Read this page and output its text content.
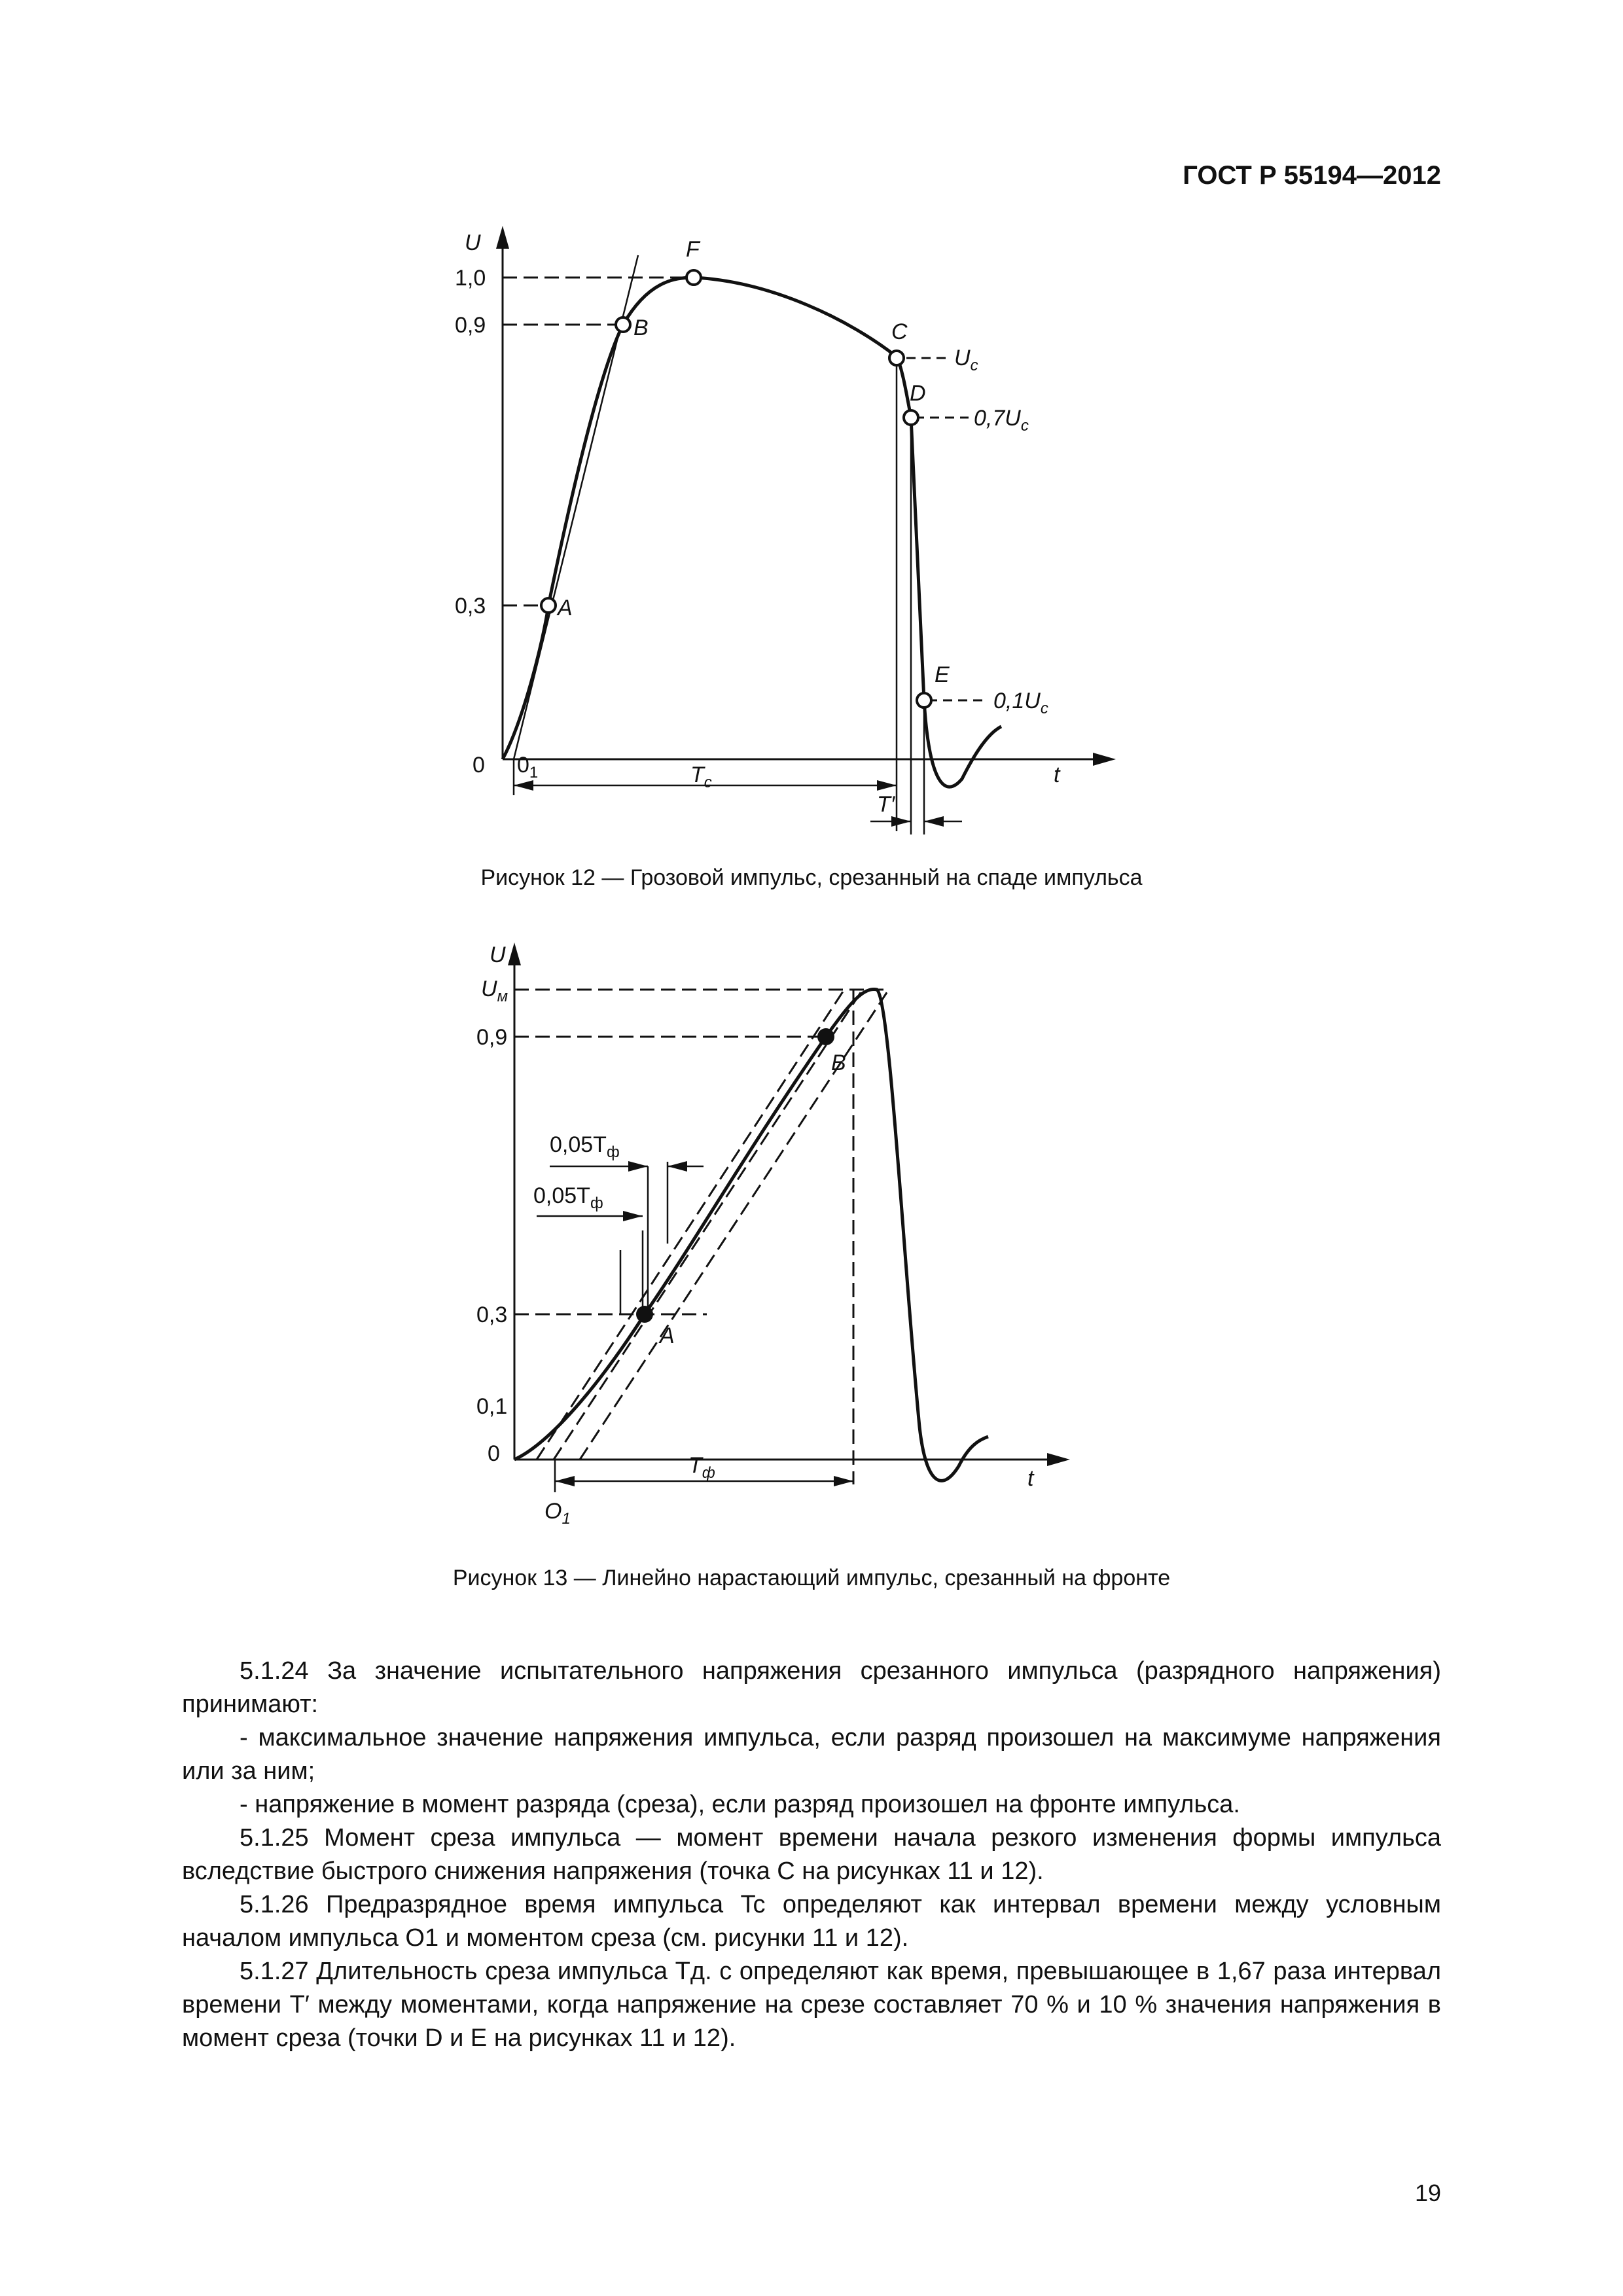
ГОСТ Р 55194—2012
U
t
1,0
0,9
0,3
0 $0_1$
A
B
F
C
D
E
$U_c$
$0,7U_c$
$0,1U_c$
$T_c$
T′
Рисунок 12 — Грозовой импульс, срезанный на спаде импульса
U
t
$U_м$
0,9
0,3
0,1
0
A
B
$0,05T_ф$
$0,05T_ф$
$T_ф$
$O_1$
Рисунок 13 — Линейно нарастающий импульс, срезанный на фронте

5.1.24 За значение испытательного напряжения срезанного импульса (разрядного напряжения) принимают:

- максимальное значение напряжения импульса, если разряд произошел на максимуме напряжения или за ним;

- напряжение в момент разряда (среза), если разряд произошел на фронте импульса.

5.1.25 Момент среза импульса — момент времени начала резкого изменения формы импульса вследствие быстрого снижения напряжения (точка C на рисунках 11 и 12).

5.1.26 Предразрядное время импульса Tc определяют как интервал времени между условным началом импульса O1 и моментом среза (см. рисунки 11 и 12).

5.1.27 Длительность среза импульса Tд. с определяют как время, превышающее в 1,67 раза интервал времени T′ между моментами, когда напряжение на срезе составляет 70 % и 10 % значения напряжения в момент среза (точки D и E на рисунках 11 и 12).

19
